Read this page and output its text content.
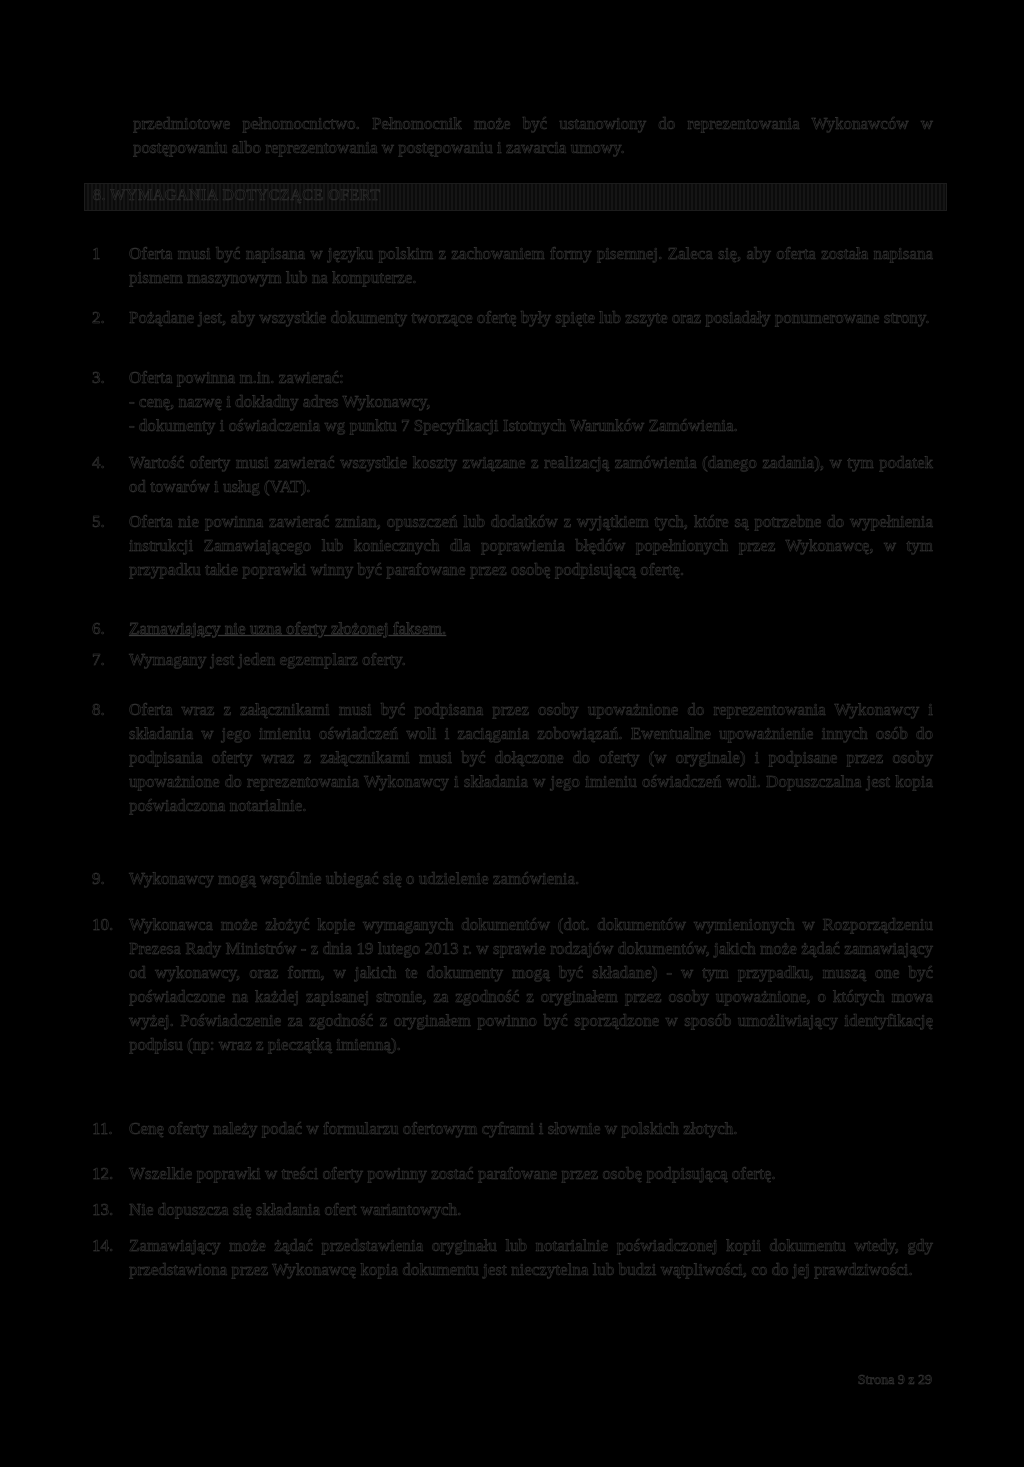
przedmiotowe pełnomocnictwo. Pełnomocnik może być ustanowiony do reprezentowania Wykonawców w postępowaniu albo reprezentowania w postępowaniu i zawarcia umowy.
8. WYMAGANIA DOTYCZĄCE OFERT
1	Oferta musi być napisana w języku polskim z zachowaniem formy pisemnej. Zaleca się, aby oferta została napisana pismem maszynowym lub na komputerze.
2.	Pożądane jest, aby wszystkie dokumenty tworzące ofertę były spięte lub zszyte oraz posiadały ponumerowane strony.
3.	Oferta powinna m.in. zawierać:
- cenę, nazwę i dokładny adres Wykonawcy,
- dokumenty i oświadczenia wg punktu 7 Specyfikacji Istotnych Warunków Zamówienia.
4.	Wartość oferty musi zawierać wszystkie koszty związane z realizacją zamówienia (danego zadania), w tym podatek od towarów i usług (VAT).
5.	Oferta nie powinna zawierać zmian, opuszczeń lub dodatków z wyjątkiem tych, które są potrzebne do wypełnienia instrukcji Zamawiającego lub koniecznych dla poprawienia błędów popełnionych przez Wykonawcę, w tym przypadku takie poprawki winny być parafowane przez osobę podpisującą ofertę.
6.	Zamawiający nie uzna oferty złożonej faksem.
7.	Wymagany jest jeden egzemplarz oferty.
8.	Oferta wraz z załącznikami musi być podpisana przez osoby upoważnione do reprezentowania Wykonawcy i składania w jego imieniu oświadczeń woli i zaciągania zobowiązań. Ewentualne upoważnienie innych osób do podpisania oferty wraz z załącznikami musi być dołączone do oferty (w oryginale) i podpisane przez osoby upoważnione do reprezentowania Wykonawcy i składania w jego imieniu oświadczeń woli. Dopuszczalna jest kopia poświadczona notarialnie.
9.	Wykonawcy mogą wspólnie ubiegać się o udzielenie zamówienia.
10. Wykonawca może złożyć kopie wymaganych dokumentów (dot. dokumentów wymienionych w Rozporządzeniu Prezesa Rady Ministrów - z dnia 19 lutego 2013 r. w sprawie rodzajów dokumentów, jakich może żądać zamawiający od wykonawcy, oraz form, w jakich te dokumenty mogą być składane) - w tym przypadku, muszą one być poświadczone na każdej zapisanej stronie, za zgodność z oryginałem przez osoby upoważnione, o których mowa wyżej. Poświadczenie za zgodność z oryginałem powinno być sporządzone w sposób umożliwiający identyfikację podpisu (np: wraz z pieczątką imienną).
11. Cenę oferty należy podać w formularzu ofertowym cyframi i słownie w polskich złotych.
12. Wszelkie poprawki w treści oferty powinny zostać parafowane przez osobę podpisującą ofertę.
13. Nie dopuszcza się składania ofert wariantowych.
14. Zamawiający może żądać przedstawienia oryginału lub notarialnie poświadczonej kopii dokumentu wtedy, gdy przedstawiona przez Wykonawcę kopia dokumentu jest nieczytelna lub budzi wątpliwości, co do jej prawdziwości.
Strona 9 z 29
